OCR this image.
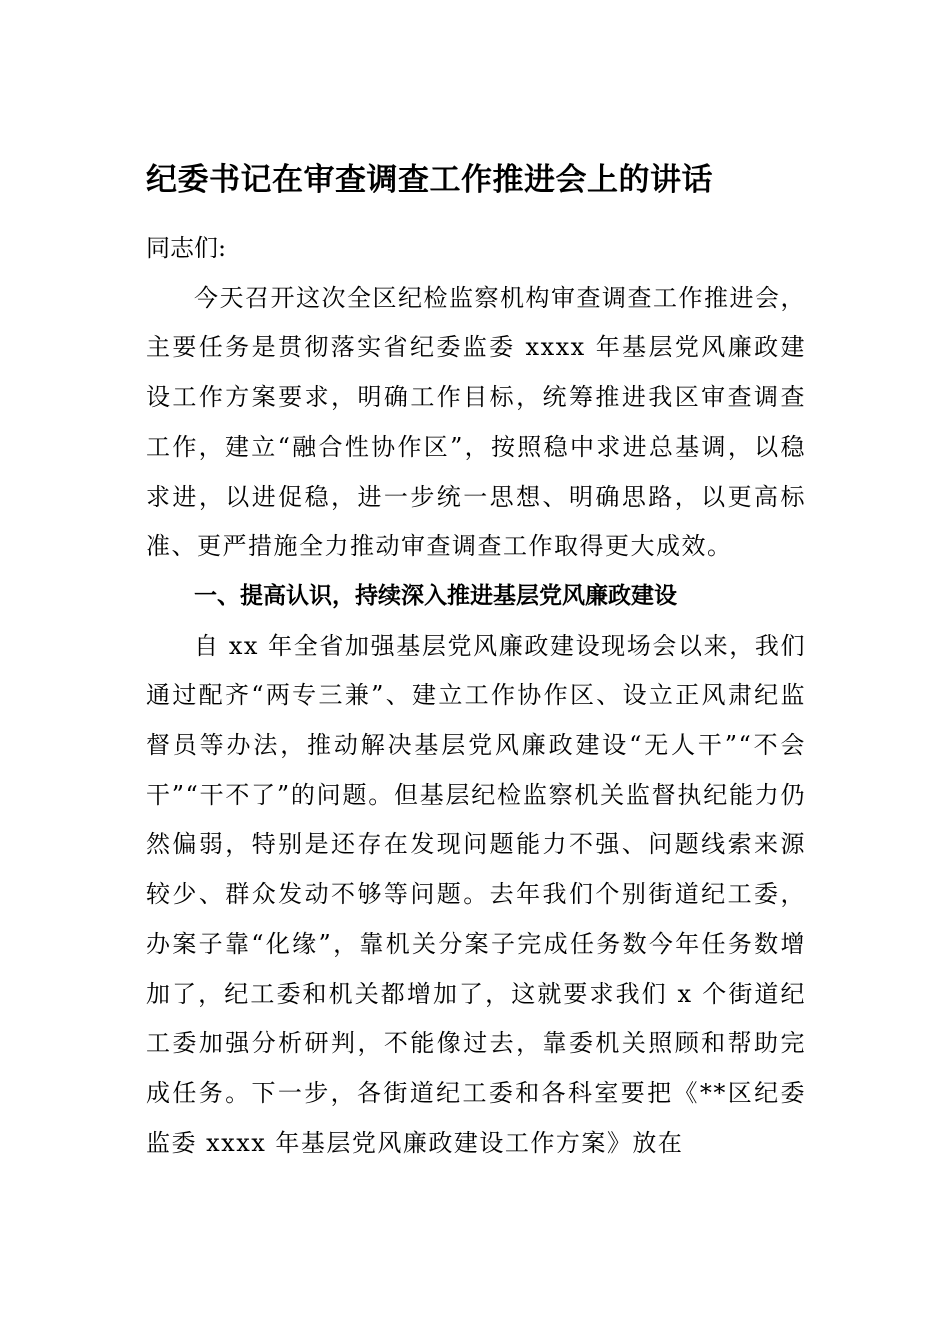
纪委书记在审查调查工作推进会上的讲话

同志们:

今天召开这次全区纪检监察机构审查调查工作推进会，主要任务是贯彻落实省纪委监委 xxxx 年基层党风廉政建设工作方案要求，明确工作目标，统筹推进我区审查调查工作，建立“融合性协作区”，按照稳中求进总基调，以稳求进，以进促稳，进一步统一思想、明确思路，以更高标准、更严措施全力推动审查调查工作取得更大成效。

一、提高认识，持续深入推进基层党风廉政建设

自 xx 年全省加强基层党风廉政建设现场会以来，我们通过配齐“两专三兼”、建立工作协作区、设立正风肃纪监督员等办法，推动解决基层党风廉政建设“无人干”“不会干”“干不了”的问题。但基层纪检监察机关监督执纪能力仍然偏弱，特别是还存在发现问题能力不强、问题线索来源较少、群众发动不够等问题。去年我们个别街道纪工委，办案子靠“化缘”，靠机关分案子完成任务数今年任务数增加了，纪工委和机关都增加了，这就要求我们 x 个街道纪工委加强分析研判，不能像过去，靠委机关照顾和帮助完成任务。下一步，各街道纪工委和各科室要把《**区纪委监委 xxxx 年基层党风廉政建设工作方案》放在
